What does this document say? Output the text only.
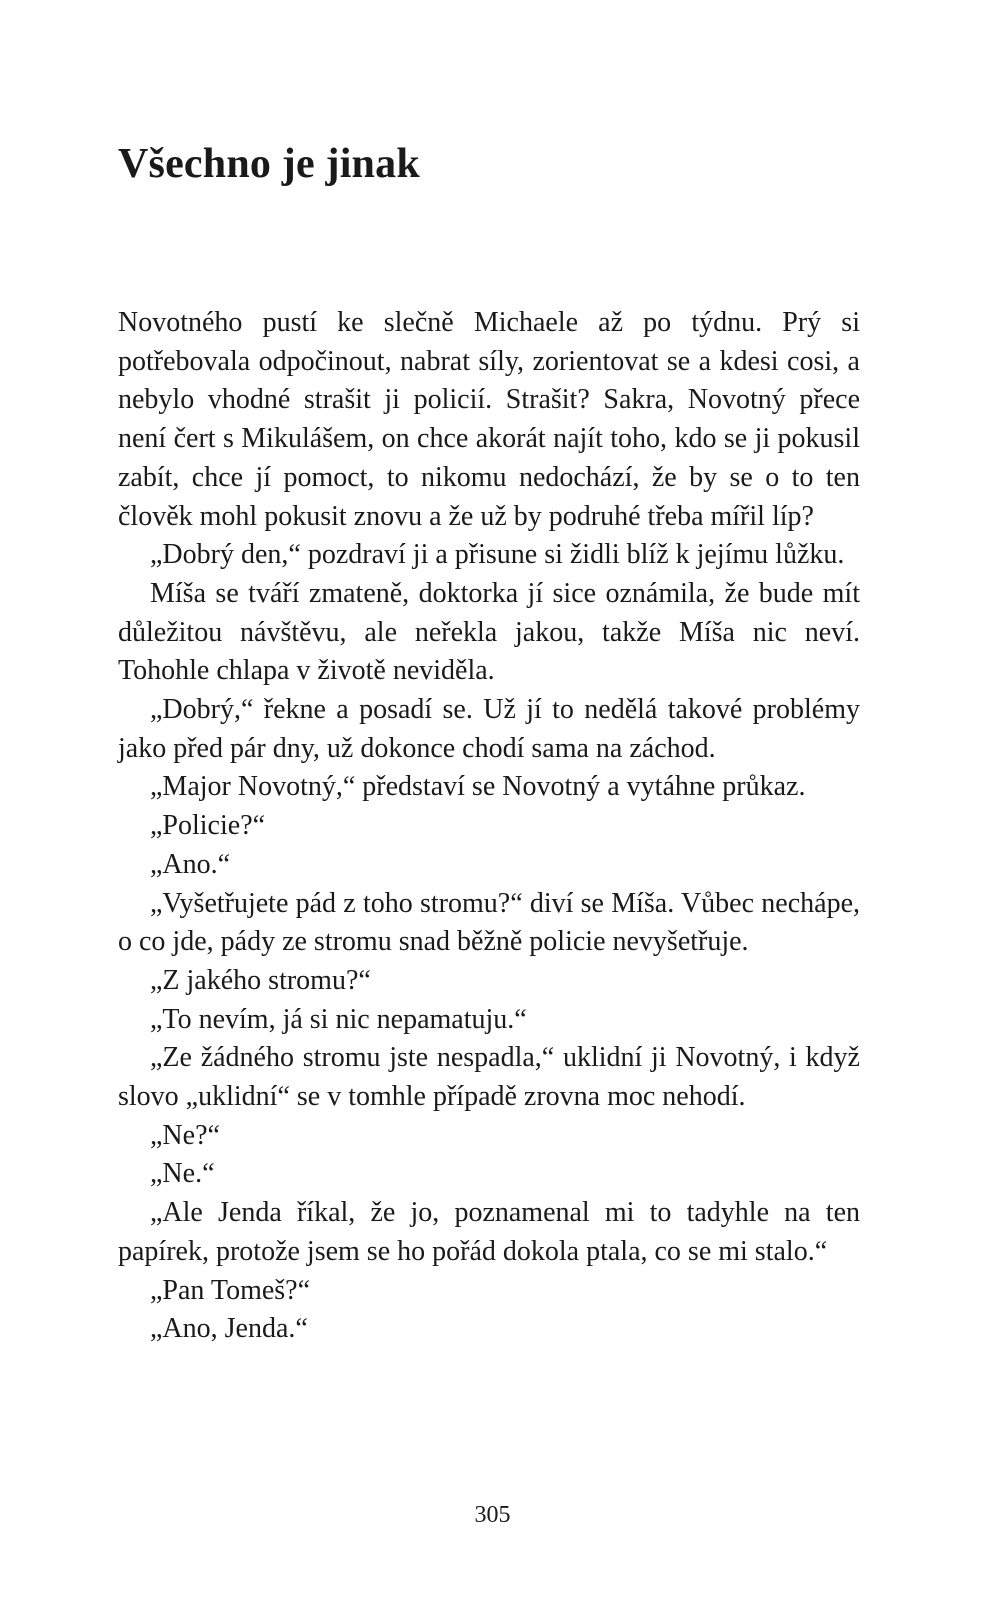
Všechno je jinak

Novotného pustí ke slečně Michaele až po týdnu. Prý si potřebovala odpočinout, nabrat síly, zorientovat se a kdesi cosi, a nebylo vhodné strašit ji policií. Strašit? Sakra, Novotný přece není čert s Mikulášem, on chce akorát najít toho, kdo se ji pokusil zabít, chce jí pomoct, to nikomu nedochází, že by se o to ten člověk mohl pokusit znovu a že už by podruhé třeba mířil líp?

„Dobrý den,“ pozdraví ji a přisune si židli blíž k jejímu lůžku.

Míša se tváří zmateně, doktorka jí sice oznámila, že bude mít důležitou návštěvu, ale neřekla jakou, takže Míša nic neví. Tohohle chlapa v životě neviděla.

„Dobrý,“ řekne a posadí se. Už jí to nedělá takové problémy jako před pár dny, už dokonce chodí sama na záchod.

„Major Novotný,“ představí se Novotný a vytáhne průkaz.

„Policie?“

„Ano.“

„Vyšetřujete pád z toho stromu?“ diví se Míša. Vůbec nechápe, o co jde, pády ze stromu snad běžně policie nevyšetřuje.

„Z jakého stromu?“

„To nevím, já si nic nepamatuju.“

„Ze žádného stromu jste nespadla,“ uklidní ji Novotný, i když slovo „uklidní“ se v tomhle případě zrovna moc nehodí.

„Ne?“

„Ne.“

„Ale Jenda říkal, že jo, poznamenal mi to tadyhle na ten papírek, protože jsem se ho pořád dokola ptala, co se mi stalo.“

„Pan Tomeš?“

„Ano, Jenda.“

305
